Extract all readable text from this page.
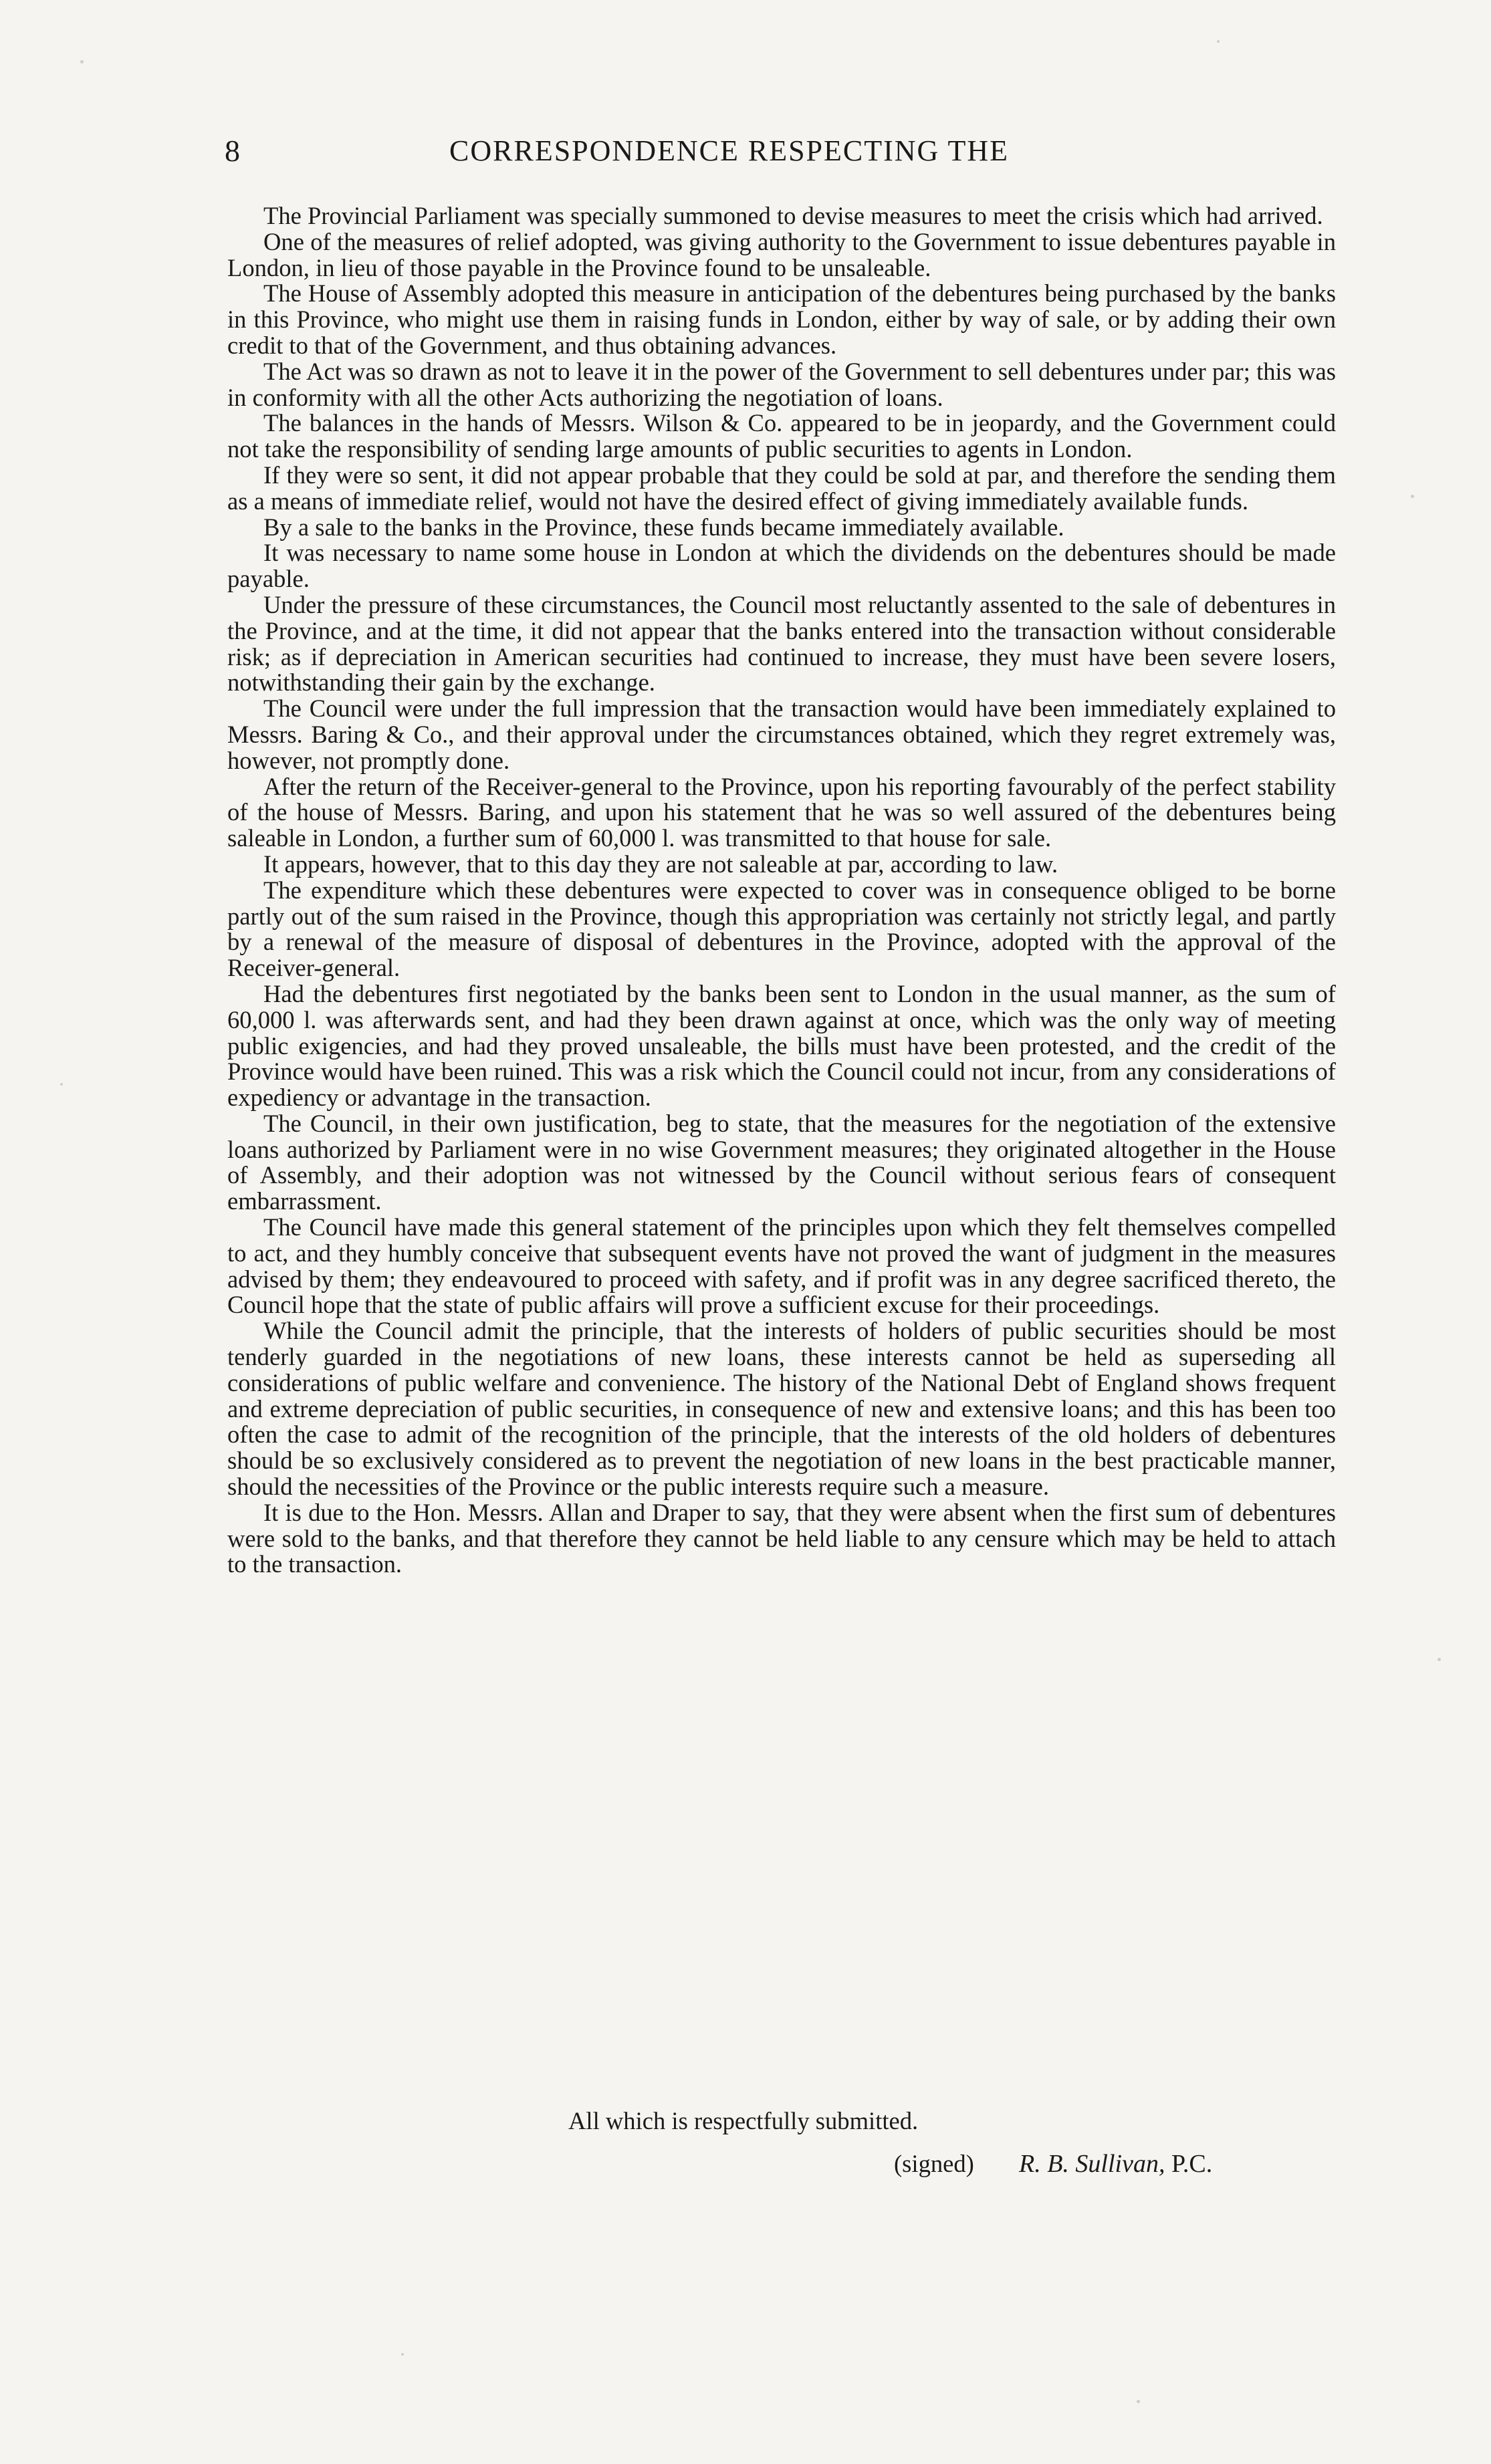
8	CORRESPONDENCE RESPECTING THE

The Provincial Parliament was specially summoned to devise measures to meet the crisis which had arrived.

One of the measures of relief adopted, was giving authority to the Government to issue debentures payable in London, in lieu of those payable in the Province found to be unsaleable.

The House of Assembly adopted this measure in anticipation of the debentures being purchased by the banks in this Province, who might use them in raising funds in London, either by way of sale, or by adding their own credit to that of the Government, and thus obtaining advances.

The Act was so drawn as not to leave it in the power of the Government to sell debentures under par; this was in conformity with all the other Acts authorizing the negotiation of loans.

The balances in the hands of Messrs. Wilson & Co. appeared to be in jeopardy, and the Government could not take the responsibility of sending large amounts of public securities to agents in London.

If they were so sent, it did not appear probable that they could be sold at par, and therefore the sending them as a means of immediate relief, would not have the desired effect of giving immediately available funds.

By a sale to the banks in the Province, these funds became immediately available.

It was necessary to name some house in London at which the dividends on the debentures should be made payable.

Under the pressure of these circumstances, the Council most reluctantly assented to the sale of debentures in the Province, and at the time, it did not appear that the banks entered into the transaction without considerable risk; as if depreciation in American securities had continued to increase, they must have been severe losers, notwithstanding their gain by the exchange.

The Council were under the full impression that the transaction would have been immediately explained to Messrs. Baring & Co., and their approval under the circumstances obtained, which they regret extremely was, however, not promptly done.

After the return of the Receiver-general to the Province, upon his reporting favourably of the perfect stability of the house of Messrs. Baring, and upon his statement that he was so well assured of the debentures being saleable in London, a further sum of 60,000 l. was transmitted to that house for sale.

It appears, however, that to this day they are not saleable at par, according to law.

The expenditure which these debentures were expected to cover was in consequence obliged to be borne partly out of the sum raised in the Province, though this appropriation was certainly not strictly legal, and partly by a renewal of the measure of disposal of debentures in the Province, adopted with the approval of the Receiver-general.

Had the debentures first negotiated by the banks been sent to London in the usual manner, as the sum of 60,000 l. was afterwards sent, and had they been drawn against at once, which was the only way of meeting public exigencies, and had they proved unsaleable, the bills must have been protested, and the credit of the Province would have been ruined. This was a risk which the Council could not incur, from any considerations of expediency or advantage in the transaction.

The Council, in their own justification, beg to state, that the measures for the negotiation of the extensive loans authorized by Parliament were in no wise Government measures; they originated altogether in the House of Assembly, and their adoption was not witnessed by the Council without serious fears of consequent embarrassment.

The Council have made this general statement of the principles upon which they felt themselves compelled to act, and they humbly conceive that subsequent events have not proved the want of judgment in the measures advised by them; they endeavoured to proceed with safety, and if profit was in any degree sacrificed thereto, the Council hope that the state of public affairs will prove a sufficient excuse for their proceedings.

While the Council admit the principle, that the interests of holders of public securities should be most tenderly guarded in the negotiations of new loans, these interests cannot be held as superseding all considerations of public welfare and convenience. The history of the National Debt of England shows frequent and extreme depreciation of public securities, in consequence of new and extensive loans; and this has been too often the case to admit of the recognition of the principle, that the interests of the old holders of debentures should be so exclusively considered as to prevent the negotiation of new loans in the best practicable manner, should the necessities of the Province or the public interests require such a measure.

It is due to the Hon. Messrs. Allan and Draper to say, that they were absent when the first sum of debentures were sold to the banks, and that therefore they cannot be held liable to any censure which may be held to attach to the transaction.

All which is respectfully submitted.
(signed) R. B. Sullivan, P.C.
